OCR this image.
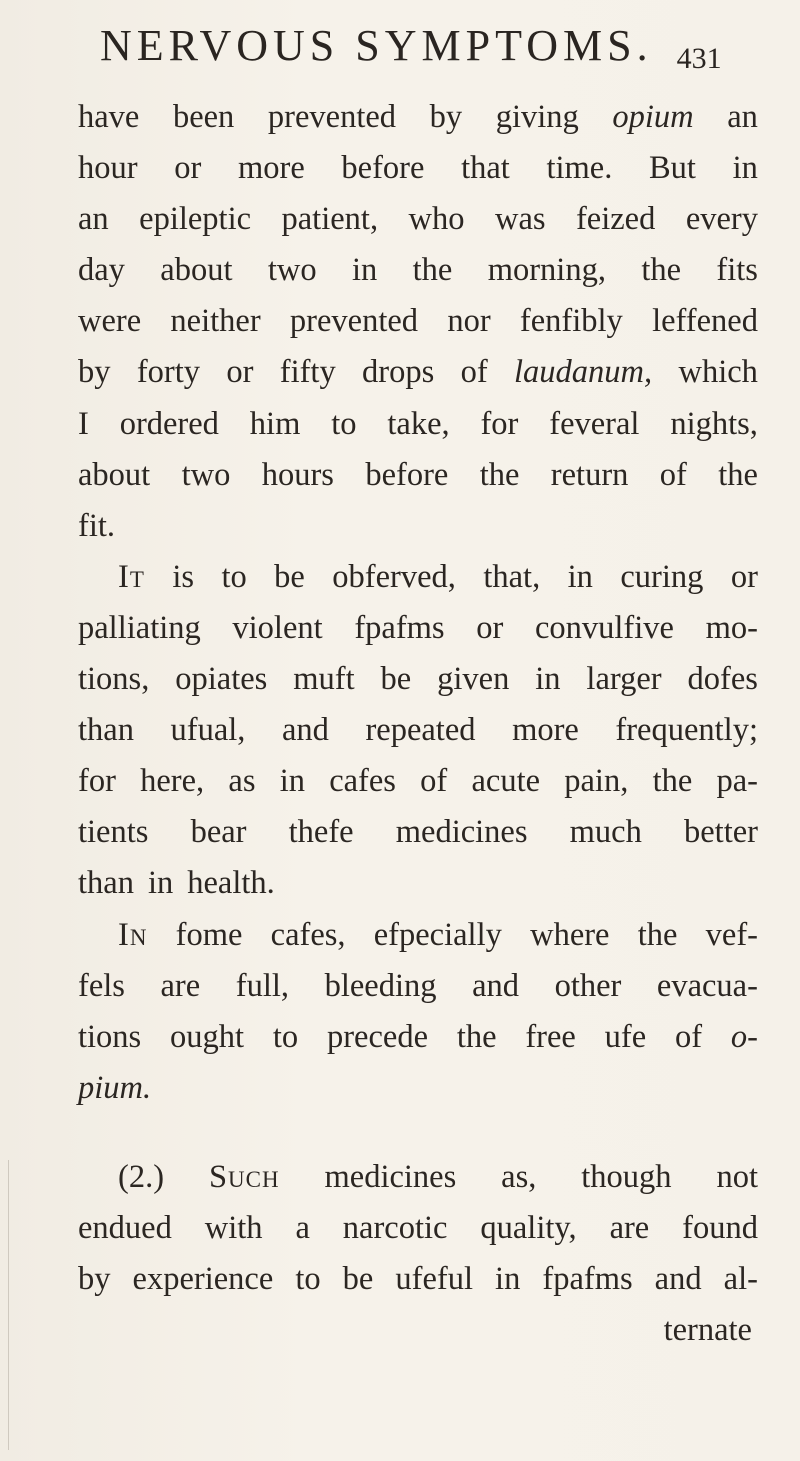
NERVOUS SYMPTOMS. 431
have been prevented by giving opium an
hour or more before that time. But in
an epileptic patient, who was feized every
day about two in the morning, the fits
were neither prevented nor fenfibly leffened
by forty or fifty drops of laudanum, which
I ordered him to take, for feveral nights,
about two hours before the return of the
fit.
It is to be obferved, that, in curing or
palliating violent fpafms or convulfive mo-
tions, opiates muft be given in larger dofes
than ufual, and repeated more frequently;
for here, as in cafes of acute pain, the pa-
tients bear thefe medicines much better
than in health.
In fome cafes, efpecially where the vef-
fels are full, bleeding and other evacua-
tions ought to precede the free ufe of o-
pium.
(2.) Such medicines as, though not
endued with a narcotic quality, are found
by experience to be ufeful in fpafms and al-
ternate
